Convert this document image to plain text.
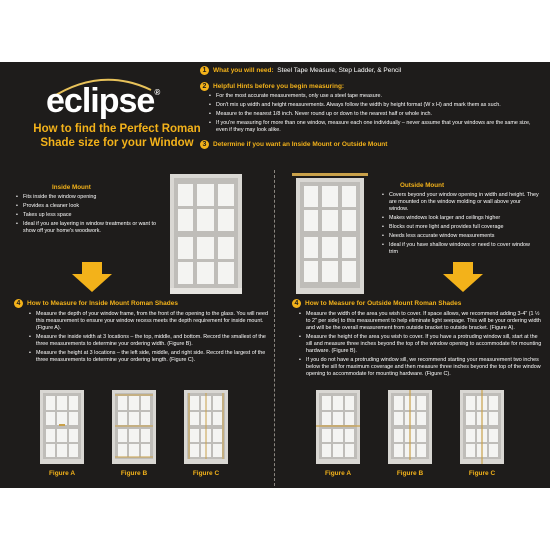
eclipse®
How to find the Perfect Roman
Shade size for your Window
1 What you will need: Steel Tape Measure, Step Ladder, & Pencil
2 Helpful Hints before you begin measuring:
• For the most accurate measurements, only use a steel tape measure.
• Don't mix up width and height measurements. Always follow the width by height format (W x H) and mark them as such.
• Measure to the nearest 1/8 inch. Never round up or down to the nearest half or whole inch.
• If you're measuring for more than one window, measure each one individually – never assume that your windows are the same size, even if they may look alike.
3 Determine if you want an Inside Mount or Outside Mount
Inside Mount
• Fits inside the window opening
• Provides a cleaner look
• Takes up less space
• Ideal if you are layering in window treatments or want to show off your home's woodwork.
Outside Mount
• Covers beyond your window opening in width and height. They are mounted on the window molding or wall above your window.
• Makes windows look larger and ceilings higher
• Blocks out more light and provides full coverage
• Needs less accurate window measurements
• Ideal if you have shallow windows or need to cover window trim
4 How to Measure for Inside Mount Roman Shades
• Measure the depth of your window frame, from the front of the opening to the glass. You will need this measurement to ensure your window recess meets the depth requirement for inside mount. (Figure A).
• Measure the inside width at 3 locations – the top, middle, and bottom. Record the smallest of the three measurements to determine your ordering width. (Figure B).
• Measure the height at 3 locations – the left side, middle, and right side. Record the largest of the three measurements to determine your ordering length. (Figure C).
4 How to Measure for Outside Mount Roman Shades
• Measure the width of the area you wish to cover. If space allows, we recommend adding 3-4" (1 ½ to 2" per side) to this measurement to help eliminate light seepage. This will be your ordering width and will be the overall measurement from outside bracket to outside bracket. (Figure A).
• Measure the height of the area you wish to cover. If you have a protruding window sill, start at the sill and measure three inches beyond the top of the window opening to accommodate for mounting hardware. (Figure B).
• If you do not have a protruding window sill, we recommend starting your measurement two inches below the sill for maximum coverage and then measure three inches beyond the top of the window opening to accommodate for mounting hardware. (Figure C).
Figure A	Figure B	Figure C	Figure A	Figure B	Figure C
